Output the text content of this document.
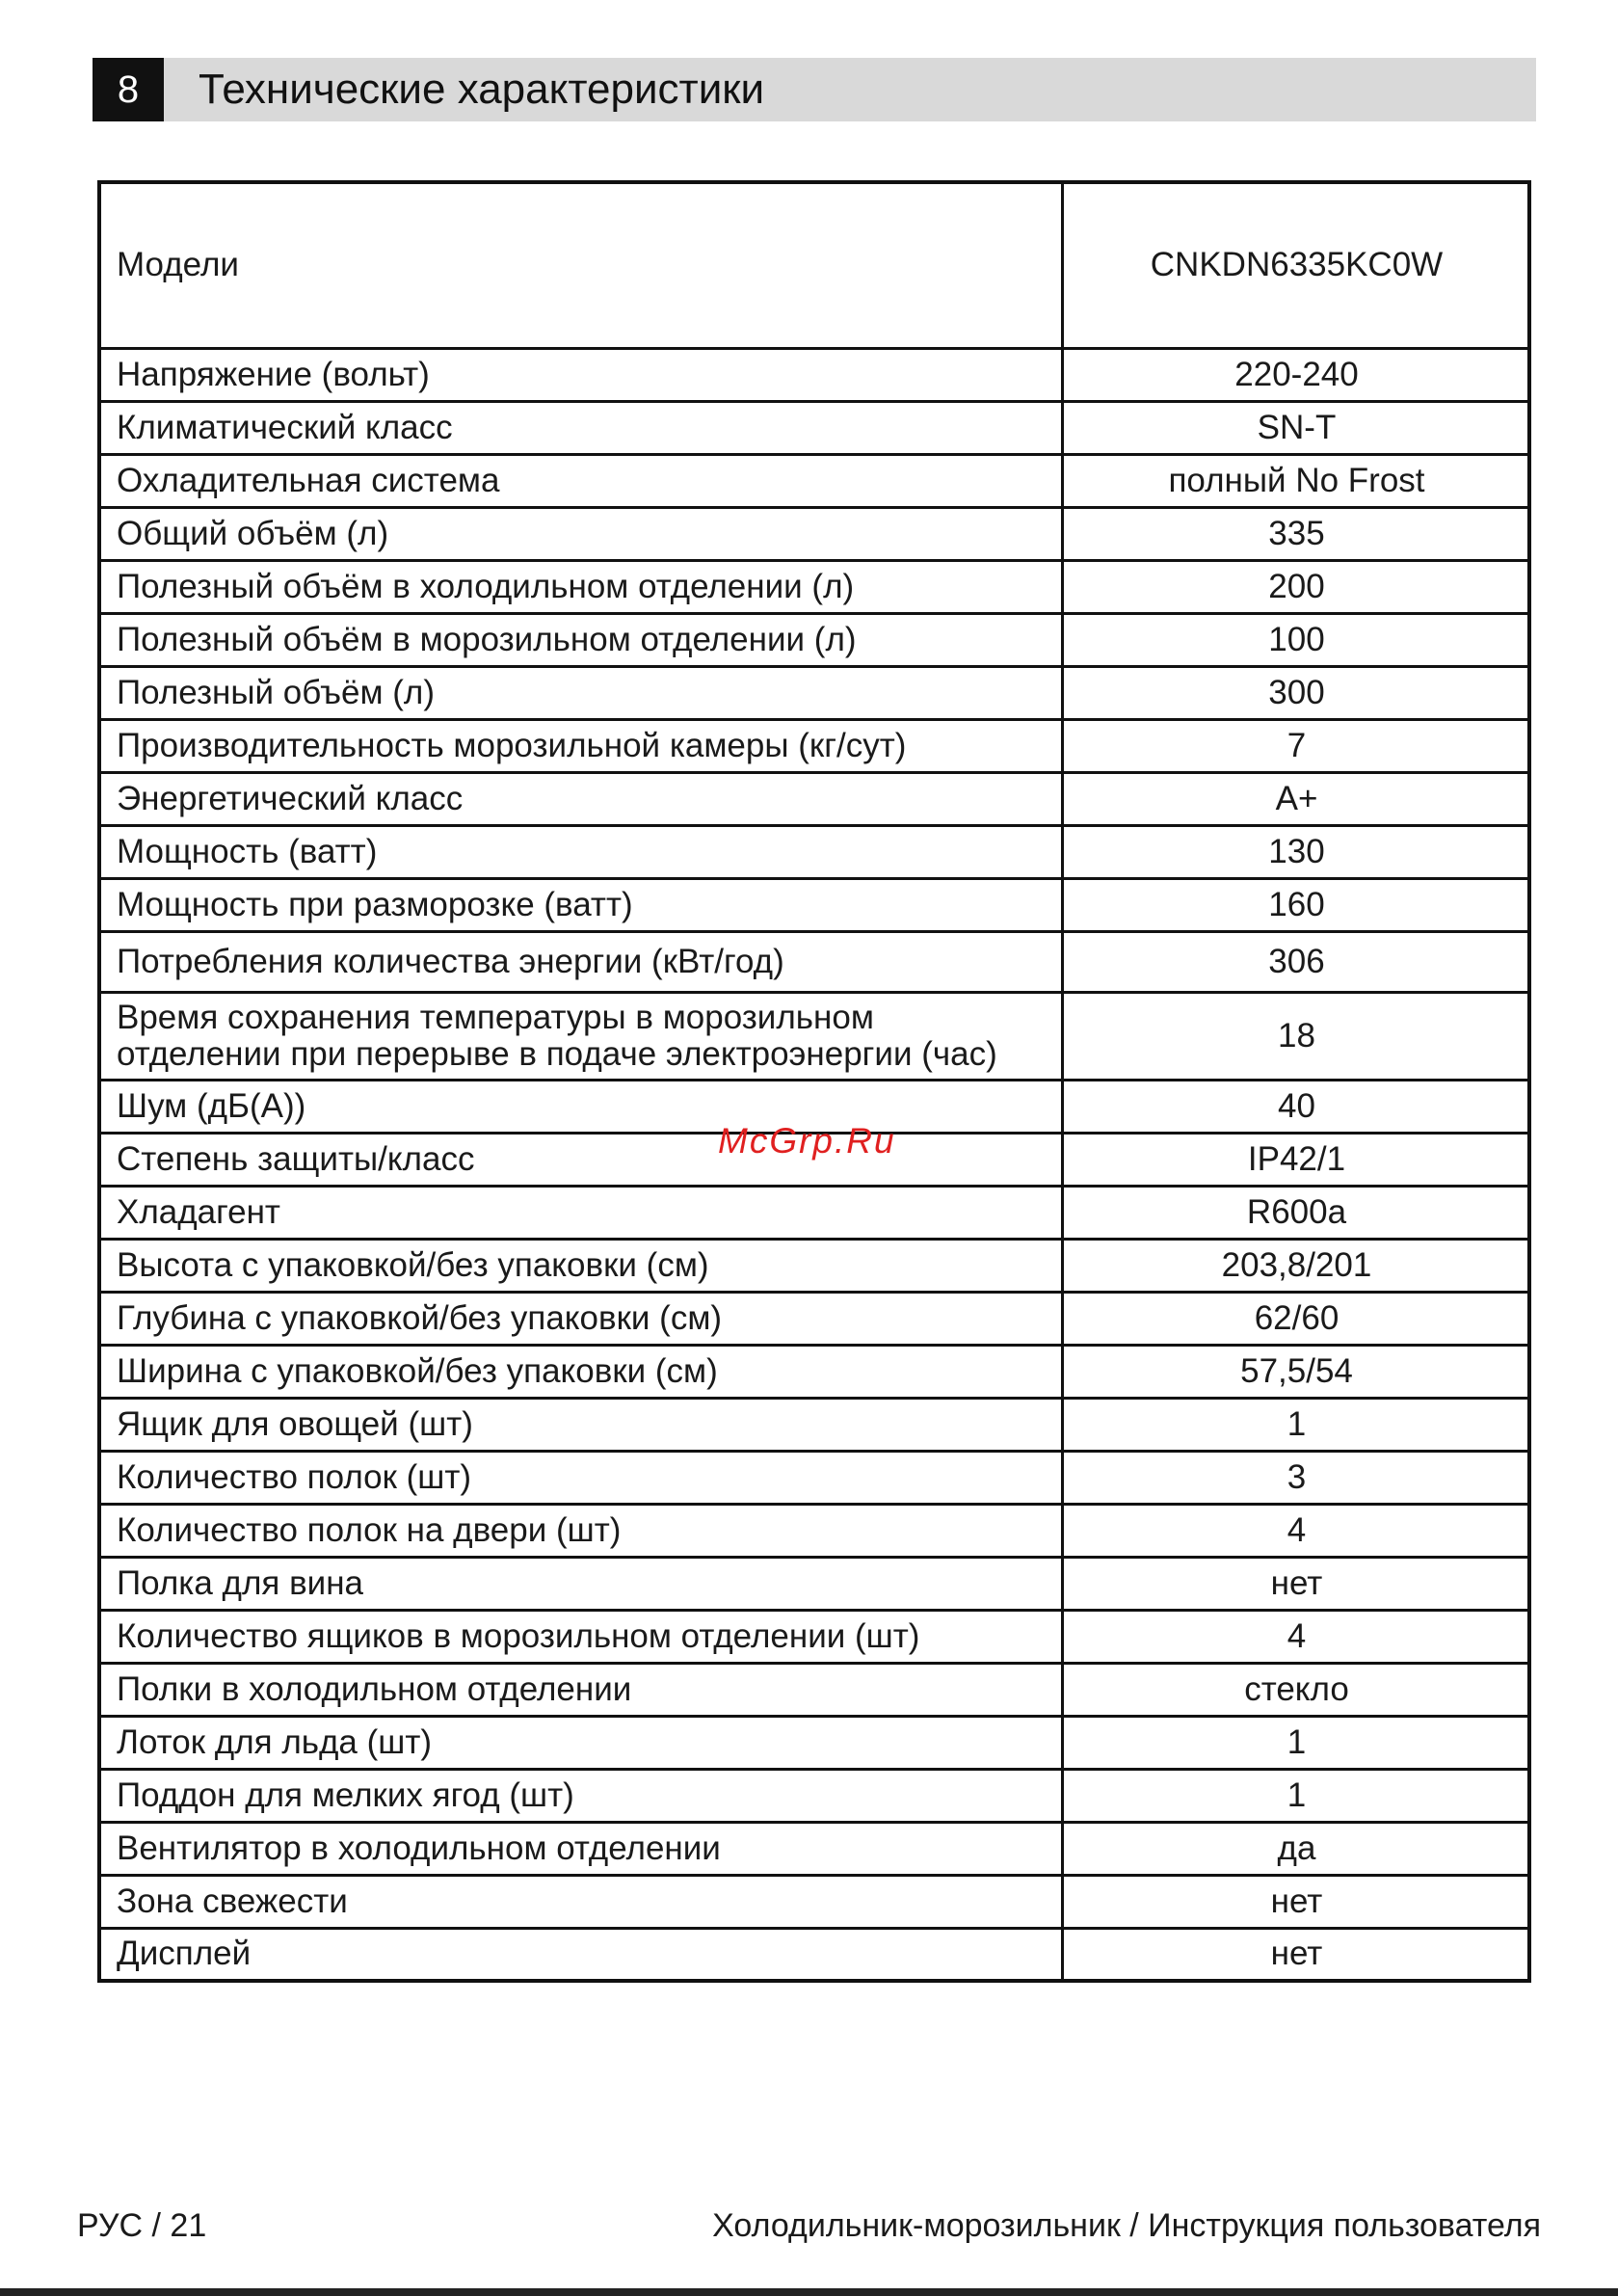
8	Технические характеристики
Модели	CNKDN6335KC0W
Напряжение (вольт)	220-240
Климатический класс	SN-T
Охладительная система	полный No Frost
Общий объём (л)	335
Полезный объём в холодильном отделении (л)	200
Полезный объём в морозильном отделении (л)	100
Полезный объём (л)	300
Производительность морозильной камеры (кг/сут)	7
Энергетический класс	A+
Мощность (ватт)	130
Мощность при разморозке (ватт)	160
Потребления количества энергии (кВт/год)	306
Время сохранения температуры в морозильном отделении при перерыве в подаче электроэнергии (час)	18
Шум (дБ(А))	40
Степень защиты/класс	IP42/1
Хладагент	R600a
Высота с упаковкой/без упаковки (см)	203,8/201
Глубина с упаковкой/без упаковки (см)	62/60
Ширина с упаковкой/без упаковки (см)	57,5/54
Ящик для овощей (шт)	1
Количество полок (шт)	3
Количество полок на двери (шт)	4
Полка для вина	нет
Количество ящиков в морозильном отделении (шт)	4
Полки в холодильном отделении	стекло
Лоток для льда (шт)	1
Поддон для мелких ягод (шт)	1
Вентилятор в холодильном отделении	да
Зона свежести	нет
Дисплей	нет
McGrp.Ru
РУС / 21	Холодильник-морозильник / Инструкция пользователя
